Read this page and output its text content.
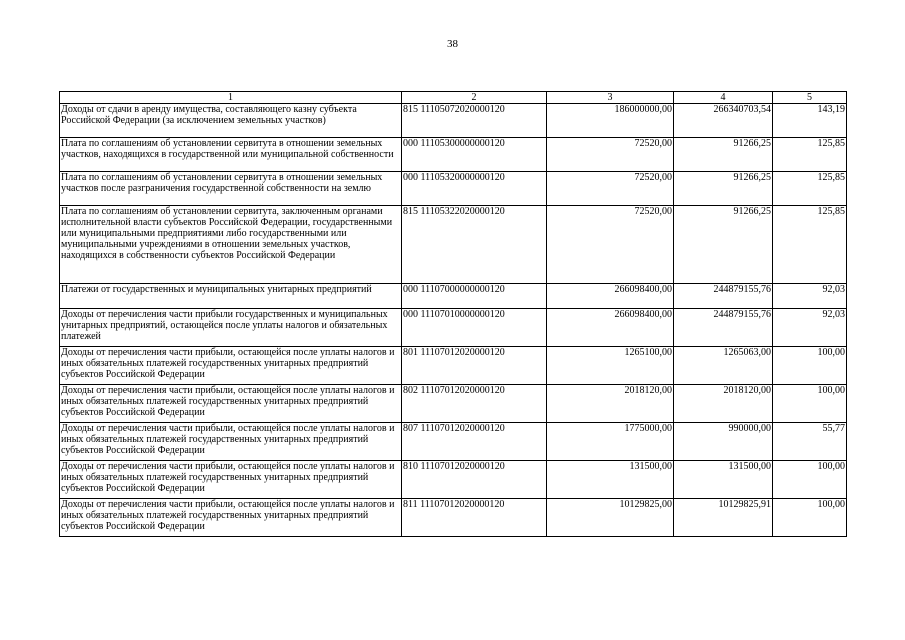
38
1	2	3	4	5
Доходы от сдачи в аренду имущества, составляющего казну субъекта Российской Федерации (за исключением земельных участков)	815 11105072020000120	186000000,00	266340703,54	143,19
Плата по соглашениям об установлении сервитута в отношении земельных участков, находящихся в государственной или муниципальной собственности	000 11105300000000120	72520,00	91266,25	125,85
Плата по соглашениям об установлении сервитута в отношении земельных участков после разграничения государственной собственности на землю	000 11105320000000120	72520,00	91266,25	125,85
Плата по соглашениям об установлении сервитута, заключенным органами исполнительной власти субъектов Российской Федерации, государственными или муниципальными предприятиями либо государственными или муниципальными учреждениями в отношении земельных участков, находящихся в собственности субъектов Российской Федерации	815 11105322020000120	72520,00	91266,25	125,85
Платежи от государственных и муниципальных унитарных предприятий	000 11107000000000120	266098400,00	244879155,76	92,03
Доходы от перечисления части прибыли государственных и муниципальных унитарных предприятий, остающейся после уплаты налогов и обязательных платежей	000 11107010000000120	266098400,00	244879155,76	92,03
Доходы от перечисления части прибыли, остающейся после уплаты налогов и иных обязательных платежей государственных унитарных предприятий субъектов Российской Федерации	801 11107012020000120	1265100,00	1265063,00	100,00
Доходы от перечисления части прибыли, остающейся после уплаты налогов и иных обязательных платежей государственных унитарных предприятий субъектов Российской Федерации	802 11107012020000120	2018120,00	2018120,00	100,00
Доходы от перечисления части прибыли, остающейся после уплаты налогов и иных обязательных платежей государственных унитарных предприятий субъектов Российской Федерации	807 11107012020000120	1775000,00	990000,00	55,77
Доходы от перечисления части прибыли, остающейся после уплаты налогов и иных обязательных платежей государственных унитарных предприятий субъектов Российской Федерации	810 11107012020000120	131500,00	131500,00	100,00
Доходы от перечисления части прибыли, остающейся после уплаты налогов и иных обязательных платежей государственных унитарных предприятий субъектов Российской Федерации	811 11107012020000120	10129825,00	10129825,91	100,00
